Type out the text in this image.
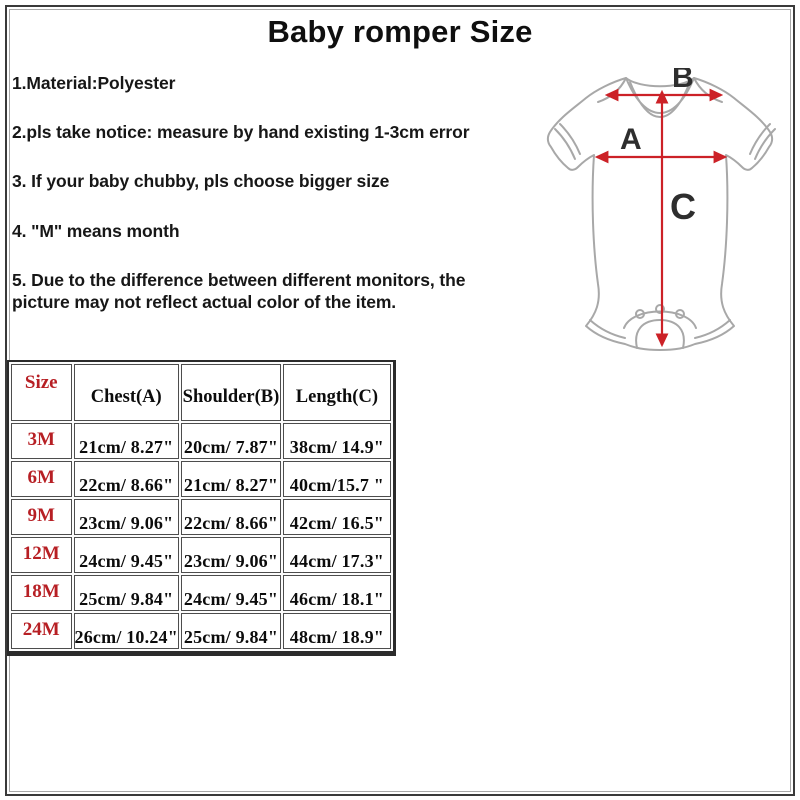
Baby romper Size
1.Material:Polyester
2.pls take notice: measure by hand existing 1-3cm error
3. If your baby chubby, pls choose bigger size
4. "M" means month
5. Due to the difference between different monitors, the picture may not reflect actual color of the item.
B
A
C
Size	Chest(A)	Shoulder(B)	Length(C)
3M	21cm/ 8.27"	20cm/ 7.87"	38cm/ 14.9"
6M	22cm/ 8.66"	21cm/ 8.27"	40cm/15.7 "
9M	23cm/ 9.06"	22cm/ 8.66"	42cm/ 16.5"
12M	24cm/ 9.45"	23cm/ 9.06"	44cm/ 17.3"
18M	25cm/ 9.84"	24cm/ 9.45"	46cm/ 18.1"
24M	26cm/ 10.24"	25cm/ 9.84"	48cm/ 18.9"
